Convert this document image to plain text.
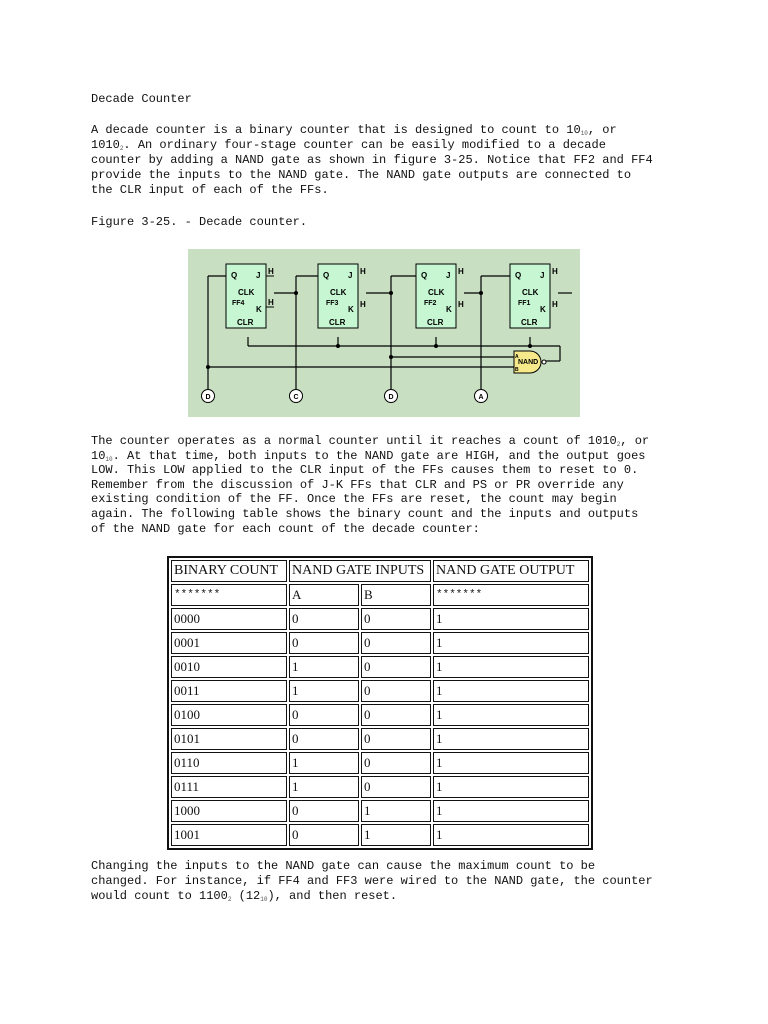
Decade Counter

A decade counter is a binary counter that is designed to count to $10_{10}$, or
$1010_2$. An ordinary four-stage counter can be easily modified to a decade
counter by adding a NAND gate as shown in figure 3-25. Notice that FF2 and FF4
provide the inputs to the NAND gate. The NAND gate outputs are connected to
the CLR input of each of the FFs.

Figure 3-25. - Decade counter.

Q J
CLK
FF4
K
CLR
H
H
Q J
CLK
FF3
K
CLR
H
H
Q J
CLK
FF2
K
CLR
H
H
Q J
CLK
FF1
K
CLR
H
H
NAND
A
B
D	C	D	A

The counter operates as a normal counter until it reaches a count of $1010_2$, or
$10_{10}$. At that time, both inputs to the NAND gate are HIGH, and the output goes
LOW. This LOW applied to the CLR input of the FFs causes them to reset to 0.
Remember from the discussion of J-K FFs that CLR and PS or PR override any
existing condition of the FF. Once the FFs are reset, the count may begin
again. The following table shows the binary count and the inputs and outputs
of the NAND gate for each count of the decade counter:

BINARY COUNT	NAND GATE INPUTS		NAND GATE OUTPUT
*******	A	B	*******
0000	0	0	1
0001	0	0	1
0010	1	0	1
0011	1	0	1
0100	0	0	1
0101	0	0	1
0110	1	0	1
0111	1	0	1
1000	0	1	1
1001	0	1	1

Changing the inputs to the NAND gate can cause the maximum count to be
changed. For instance, if FF4 and FF3 were wired to the NAND gate, the counter
would count to $1100_2$ $(12_{10})$, and then reset.
